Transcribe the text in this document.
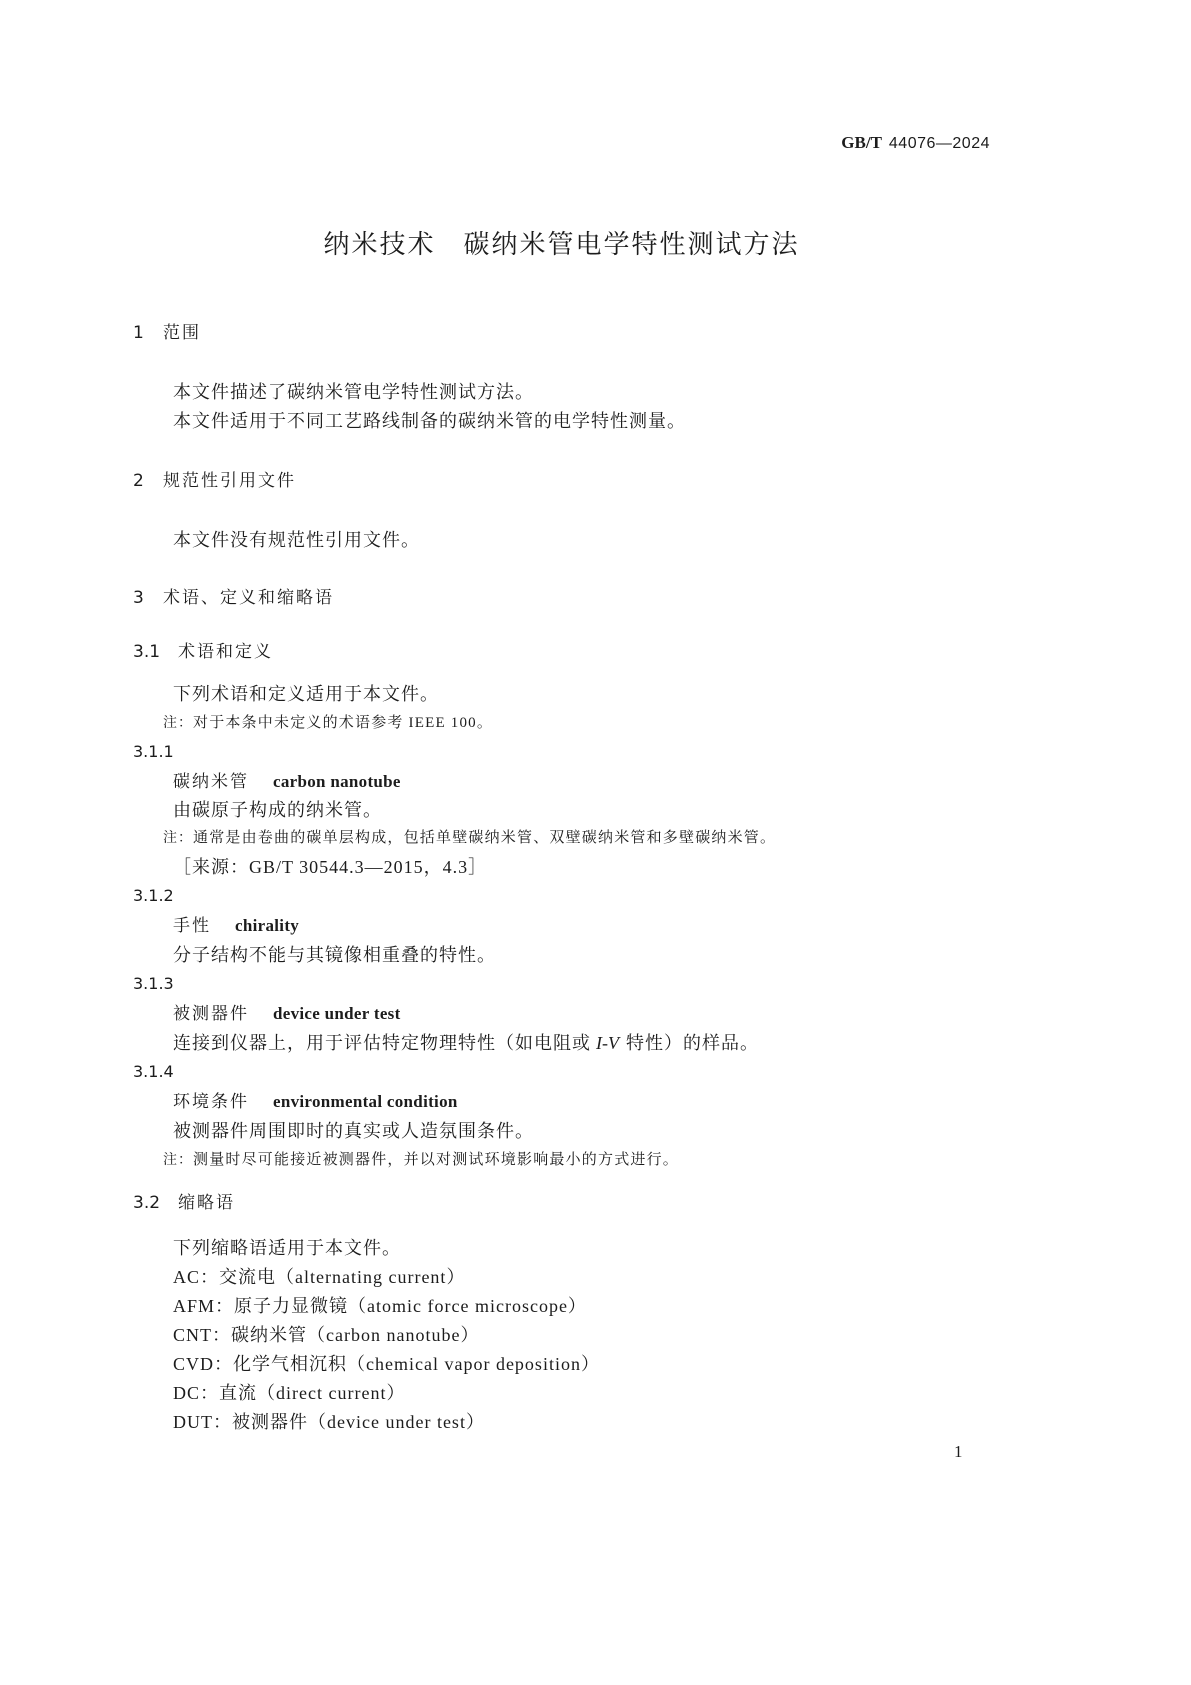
GB/T 44076—2024
纳米技术　碳纳米管电学特性测试方法
1 范围
本文件描述了碳纳米管电学特性测试方法。
本文件适用于不同工艺路线制备的碳纳米管的电学特性测量。
2 规范性引用文件
本文件没有规范性引用文件。
3 术语、定义和缩略语
3.1 术语和定义
下列术语和定义适用于本文件。
注：对于本条中未定义的术语参考 IEEE 100。
3.1.1
碳纳米管 carbon nanotube
由碳原子构成的纳米管。
注：通常是由卷曲的碳单层构成，包括单壁碳纳米管、双壁碳纳米管和多壁碳纳米管。
［来源：GB/T 30544.3—2015，4.3］
3.1.2
手性 chirality
分子结构不能与其镜像相重叠的特性。
3.1.3
被测器件 device under test
连接到仪器上，用于评估特定物理特性（如电阻或 I-V 特性）的样品。
3.1.4
环境条件 environmental condition
被测器件周围即时的真实或人造氛围条件。
注：测量时尽可能接近被测器件，并以对测试环境影响最小的方式进行。
3.2 缩略语
下列缩略语适用于本文件。
AC：交流电（alternating current）
AFM：原子力显微镜（atomic force microscope）
CNT：碳纳米管（carbon nanotube）
CVD：化学气相沉积（chemical vapor deposition）
DC：直流（direct current）
DUT：被测器件（device under test）
1
